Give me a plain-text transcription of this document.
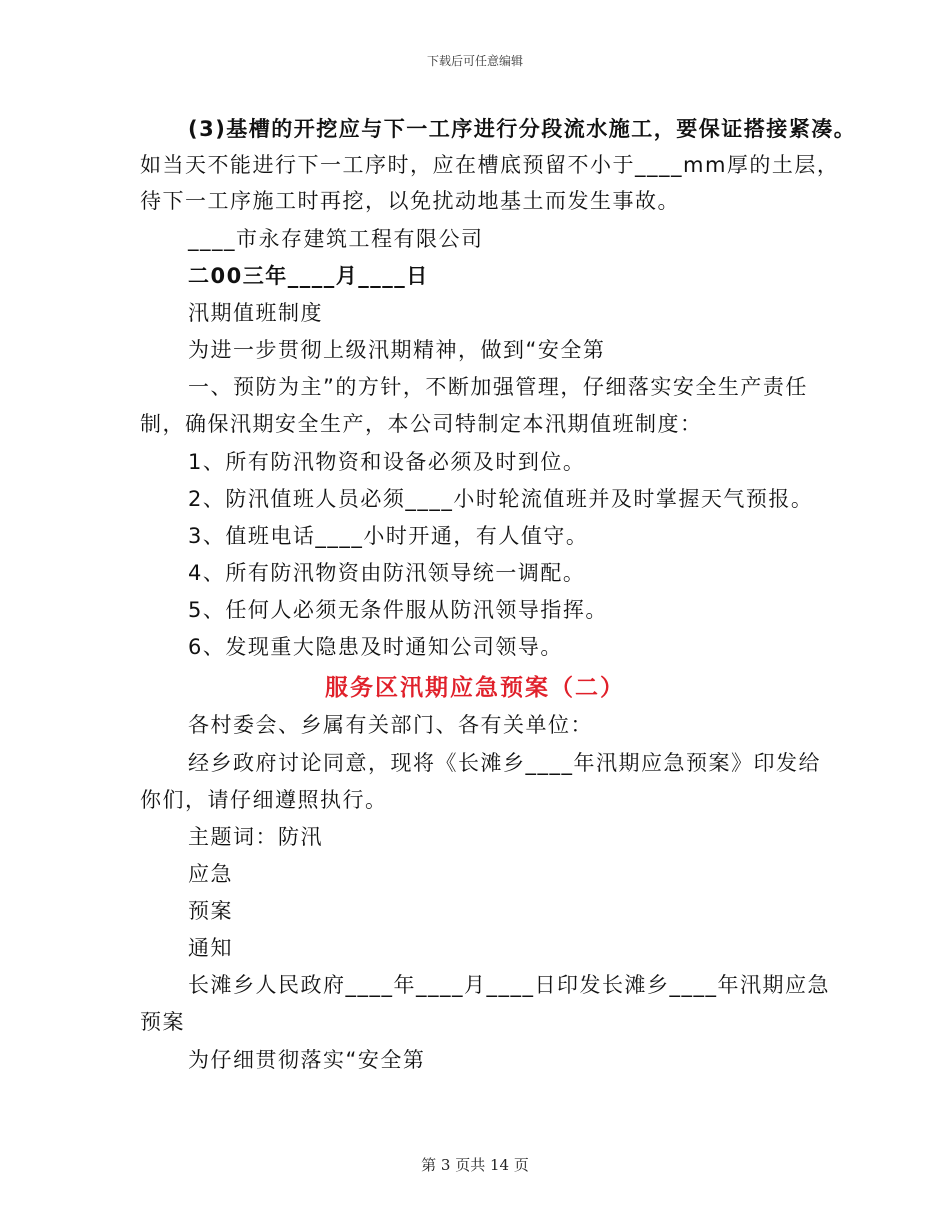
下载后可任意编辑
(3)基槽的开挖应与下一工序进行分段流水施工，要保证搭接紧凑。
如当天不能进行下一工序时，应在槽底预留不小于____mm厚的土层，
待下一工序施工时再挖，以免扰动地基土而发生事故。
____市永存建筑工程有限公司
二00三年____月____日
汛期值班制度
为进一步贯彻上级汛期精神，做到“安全第
一、预防为主”的方针，不断加强管理，仔细落实安全生产责任
制，确保汛期安全生产，本公司特制定本汛期值班制度：
1、所有防汛物资和设备必须及时到位。
2、防汛值班人员必须____小时轮流值班并及时掌握天气预报。
3、值班电话____小时开通，有人值守。
4、所有防汛物资由防汛领导统一调配。
5、任何人必须无条件服从防汛领导指挥。
6、发现重大隐患及时通知公司领导。
服务区汛期应急预案（二）
各村委会、乡属有关部门、各有关单位：
经乡政府讨论同意，现将《长滩乡____年汛期应急预案》印发给
你们，请仔细遵照执行。
主题词：防汛
应急
预案
通知
长滩乡人民政府____年____月____日印发长滩乡____年汛期应急
预案
为仔细贯彻落实“安全第
第 3 页共 14 页
